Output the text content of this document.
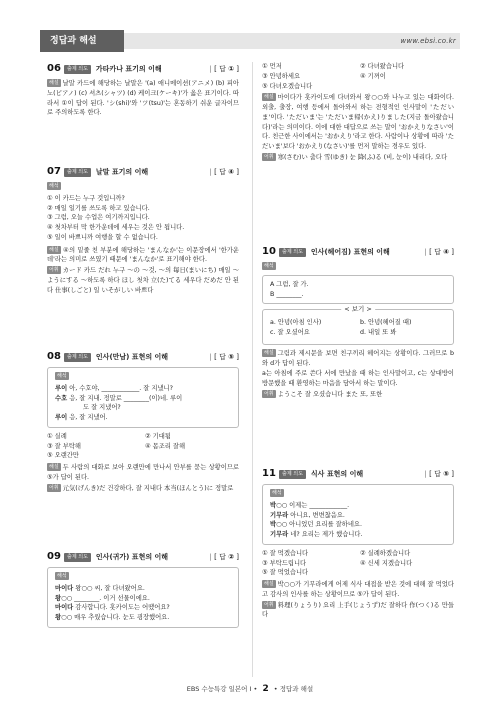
정답과 해설	www.ebsi.co.kr
06	출제 의도	가타카나 표기의 이해	| [ 답 ① ]

해설 날말 카드에 해당하는 날말은 '(a) 애니메이션(アニメ) (b) 피아노(ピアノ) (c) 셔츠(シャツ) (d) 케이크(ケーキ)'가 옳은 표기이다. 따라서 ①이 답이 된다. 'シ(shi)'와 'ツ(tsu)'는 혼동하기 쉬운 글자이므로 주의하도록 한다.

07	출제 의도	날말 표기의 이해	| [ 답 ④ ]
해석
① 이 카드는 누구 것입니까?
② 매일 일기를 쓰도록 하고 있습니다.
③ 그럼, 오늘 수업은 여기까지입니다.
④ 첫차부터 막 한가운데에 세우는 것은 안 됩니다.
⑤ 일이 바쁘니까 여행을 할 수 없습니다.

해설 ④의 밑줄 친 부분에 해당하는 'まんなか'는 이문장에서 '한가운데'라는 의미로 쓰였기 때문에 'まんなか'로 표기해야 한다.

어휘 カード 카드 だれ 누구 ～の ～것, ～의 毎日(まいにち) 매일 ～ようにする ～하도록 하다 ほし 첫차 立(た)てる 세우다 だめだ 안 된다 仕事(しごと) 일 いそがしい 바쁘다

08	출제 의도	인사(만남) 표현의 이해	| [ 답 ⑤ ]
해석
루이 아, 수호야, ____________. 잘 지냈니?
수호 응, 잘 지내. 정말로 ________(이)네. 루이
도 잘 지냈어?
루이 응, 잘 지냈어.
① 실례	② 기대됨
③ 잘 부탁해	④ 몸조리 잘해
⑤ 오랜간만

해설 두 사람의 대화로 보아 오랜만에 만나서 안부를 묻는 상황이므로 ⑤가 답이 된다.

어휘 元気(げんき)だ 건강하다, 잘 지내다 本当(ほんとう)に 정말로

09	출제 의도	인사(귀가) 표현의 이해	| [ 답 ② ]
해석
마이다 왕○○ 씨, 잘 다녀왔어요.
왕○○ ________. 이거 선물이에요.
마이다 감사합니다. 홋카이도는 어땠어요?
왕○○ 매우 추웠습니다. 눈도 굉장했어요.
① 먼저	② 다녀왔습니다
③ 안녕하세요	④ 기꺼이
⑤ 다녀오겠습니다

해설 마이다가 홋카이도에 다녀와서 왕○○와 나누고 있는 대화이다. 외출, 출장, 여행 등에서 돌아와서 하는 전형적인 인사말이 'ただいま'이다. 'ただいま'는 'ただいま帰(かえ)りました(지금 돌아왔습니다)'라는 의미이다. 이에 대한 대답으로 쓰는 말이 'おかえりなさい'이다. 친근한 사이에서는 'おかえり'라고 한다. 사람이나 상황에 따라 'ただいま'보다 'おかえり(なさい)'를 먼저 말하는 경우도 있다.

어휘 寒(さむ)い 춥다 雪(ゆき) 눈 降(ふ)る (비, 눈이) 내리다, 오다

10	출제 의도	인사(헤어짐) 표현의 이해	| [ 답 ④ ]
해석
A 그럼, 잘 가.
B ________.
< 보기 >
a. 안녕(아침 인사)	b. 안녕(헤어질 때)
c. 잘 오셨어요	d. 내일 또 봐

해설 그림과 제시문을 보면 친구끼리 헤어지는 상황이다. 그러므로 b와 d가 답이 된다.

a는 아침에 주로 쓴다 서에 만났을 때 하는 인사말이고, c는 상대방이 방문했을 때 환영하는 마음을 담아서 하는 말이다.

어휘 ようこそ 잘 오셨습니다 また 또, 또한

11	출제 의도	식사 표현의 이해	| [ 답 ⑤ ]
해석
박○○ 이제는 ____________.
기무라 아니요, 변변찮음요.
박○○ 아니었던 요리를 잘하네요.
기무라 네? 요리는 제가 했습니다.
① 잘 먹겠습니다	② 실례하겠습니다
③ 부탁드립니다	④ 신세 지겠습니다
⑤ 잘 먹었습니다

해설 박○○가 기무라에게 어제 식사 대접을 받은 것에 대해 잘 먹었다고 감사의 인사를 하는 상황이므로 ⑤가 답이 된다.

어휘 料理(りょうり) 요리 上手(じょうず)だ 잘하다 作(つく)る 만들다

EBS 수능특강 일본어 I • 2 • 정답과 해설
